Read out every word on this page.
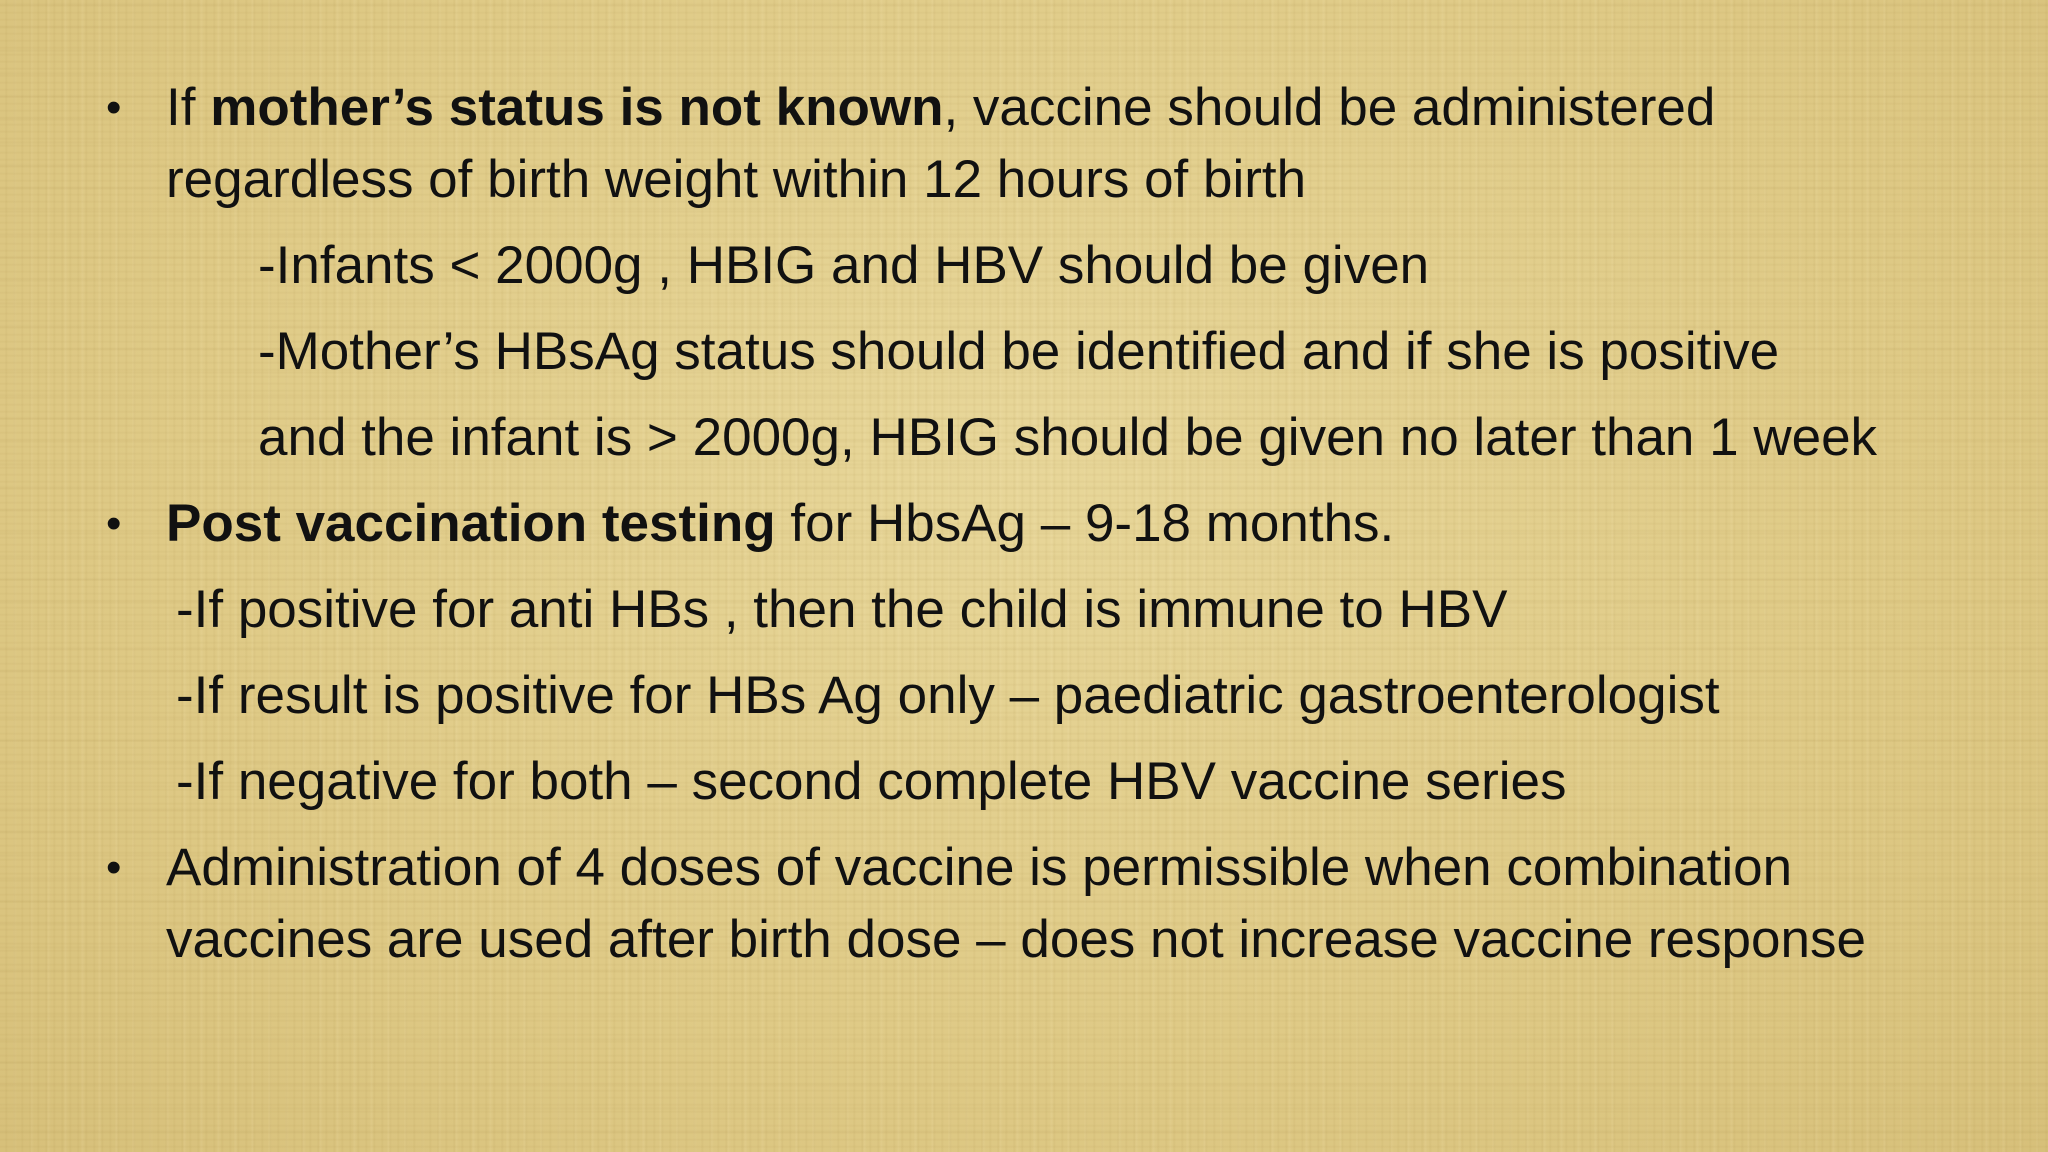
• If mother’s status is not known, vaccine should be administered
regardless of birth weight within 12 hours of birth
-Infants < 2000g , HBIG and HBV should be given
-Mother’s HBsAg status should be identified and if she is positive
and the infant is > 2000g, HBIG should be given no later than 1 week
• Post vaccination testing for HbsAg – 9-18 months.
-If positive for anti HBs , then the child is immune to HBV
-If result is positive for HBs Ag only – paediatric gastroenterologist
-If negative for both – second complete HBV vaccine series
• Administration of 4 doses of vaccine is permissible when combination
vaccines are used after birth dose – does not increase vaccine response
